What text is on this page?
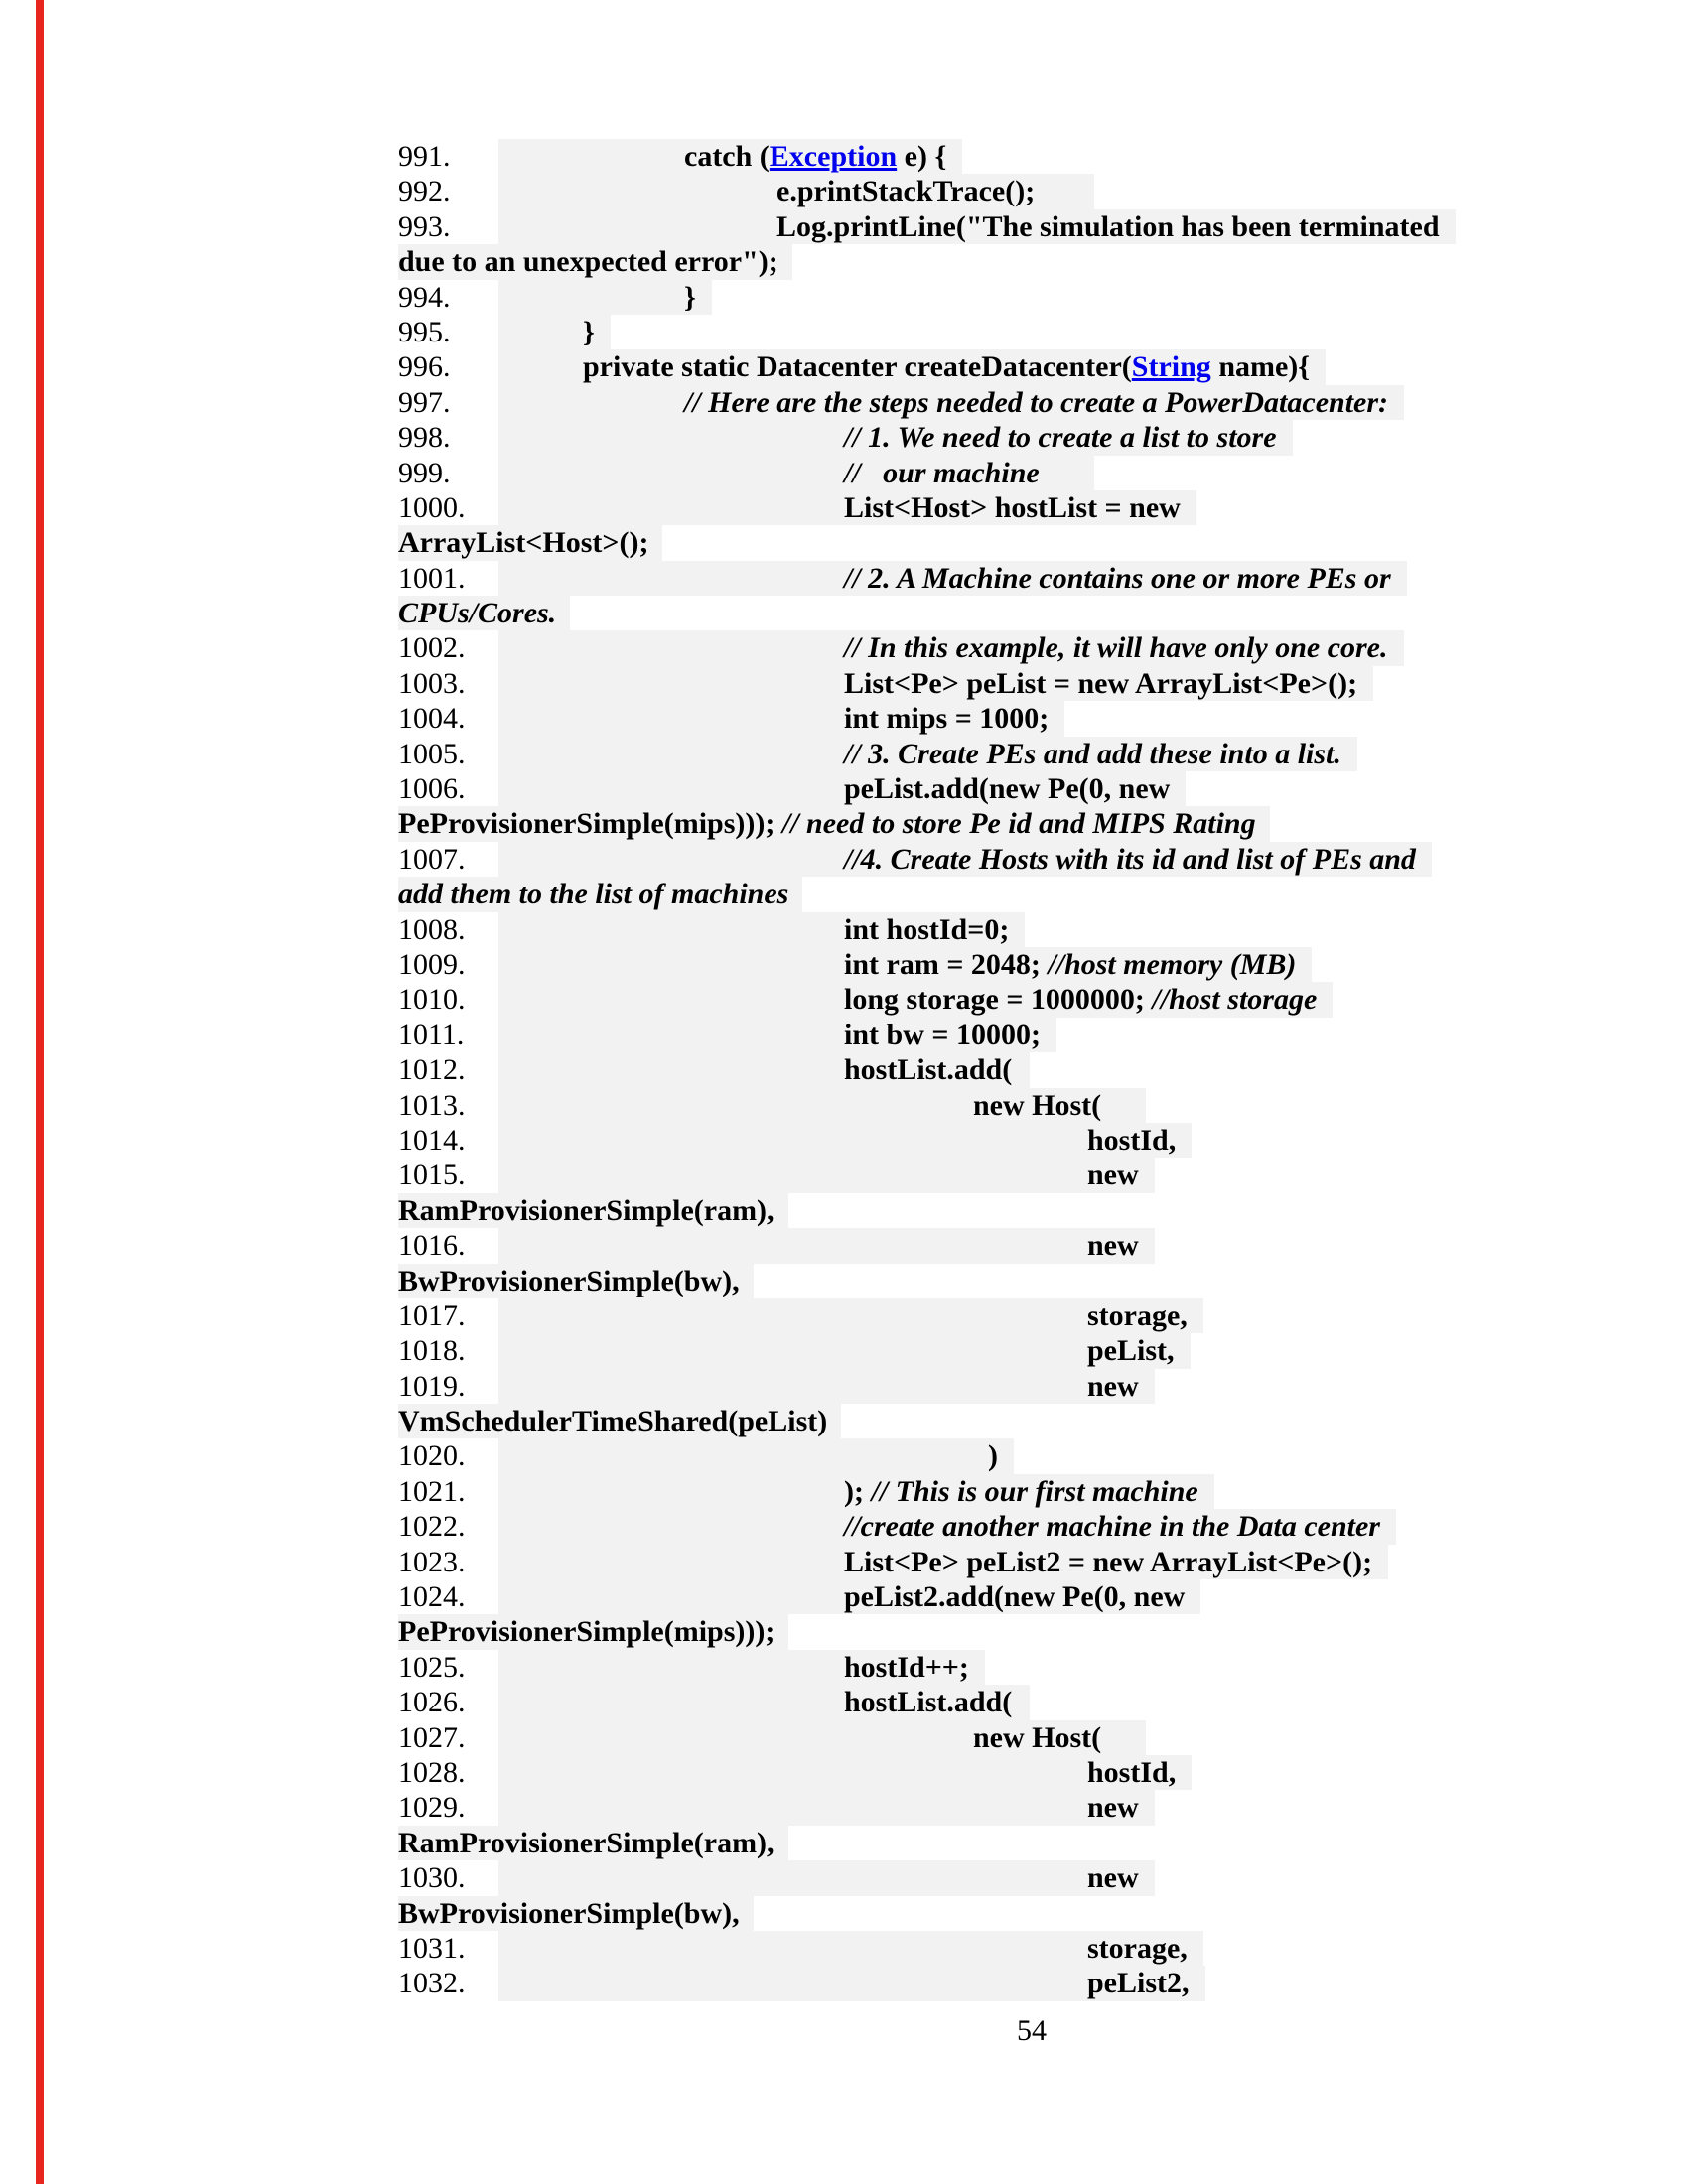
991.	catch (Exception e) {
992.	e.printStackTrace();
993.	Log.printLine("The simulation has been terminated
due to an unexpected error");
994.	}
995.	}
996.	private static Datacenter createDatacenter(String name){
997.	// Here are the steps needed to create a PowerDatacenter:
998.	// 1. We need to create a list to store
999.	//   our machine
1000.	List<Host> hostList = new
ArrayList<Host>();
1001.	// 2. A Machine contains one or more PEs or
CPUs/Cores.
1002.	// In this example, it will have only one core.
1003.	List<Pe> peList = new ArrayList<Pe>();
1004.	int mips = 1000;
1005.	// 3. Create PEs and add these into a list.
1006.	peList.add(new Pe(0, new
PeProvisionerSimple(mips))); // need to store Pe id and MIPS Rating
1007.	//4. Create Hosts with its id and list of PEs and
add them to the list of machines
1008.	int hostId=0;
1009.	int ram = 2048; //host memory (MB)
1010.	long storage = 1000000; //host storage
1011.	int bw = 10000;
1012.	hostList.add(
1013.	new Host(
1014.	hostId,
1015.	new
RamProvisionerSimple(ram),
1016.	new
BwProvisionerSimple(bw),
1017.	storage,
1018.	peList,
1019.	new
VmSchedulerTimeShared(peList)
1020.	)
1021.	); // This is our first machine
1022.	//create another machine in the Data center
1023.	List<Pe> peList2 = new ArrayList<Pe>();
1024.	peList2.add(new Pe(0, new
PeProvisionerSimple(mips)));
1025.	hostId++;
1026.	hostList.add(
1027.	new Host(
1028.	hostId,
1029.	new
RamProvisionerSimple(ram),
1030.	new
BwProvisionerSimple(bw),
1031.	storage,
1032.	peList2,
54
